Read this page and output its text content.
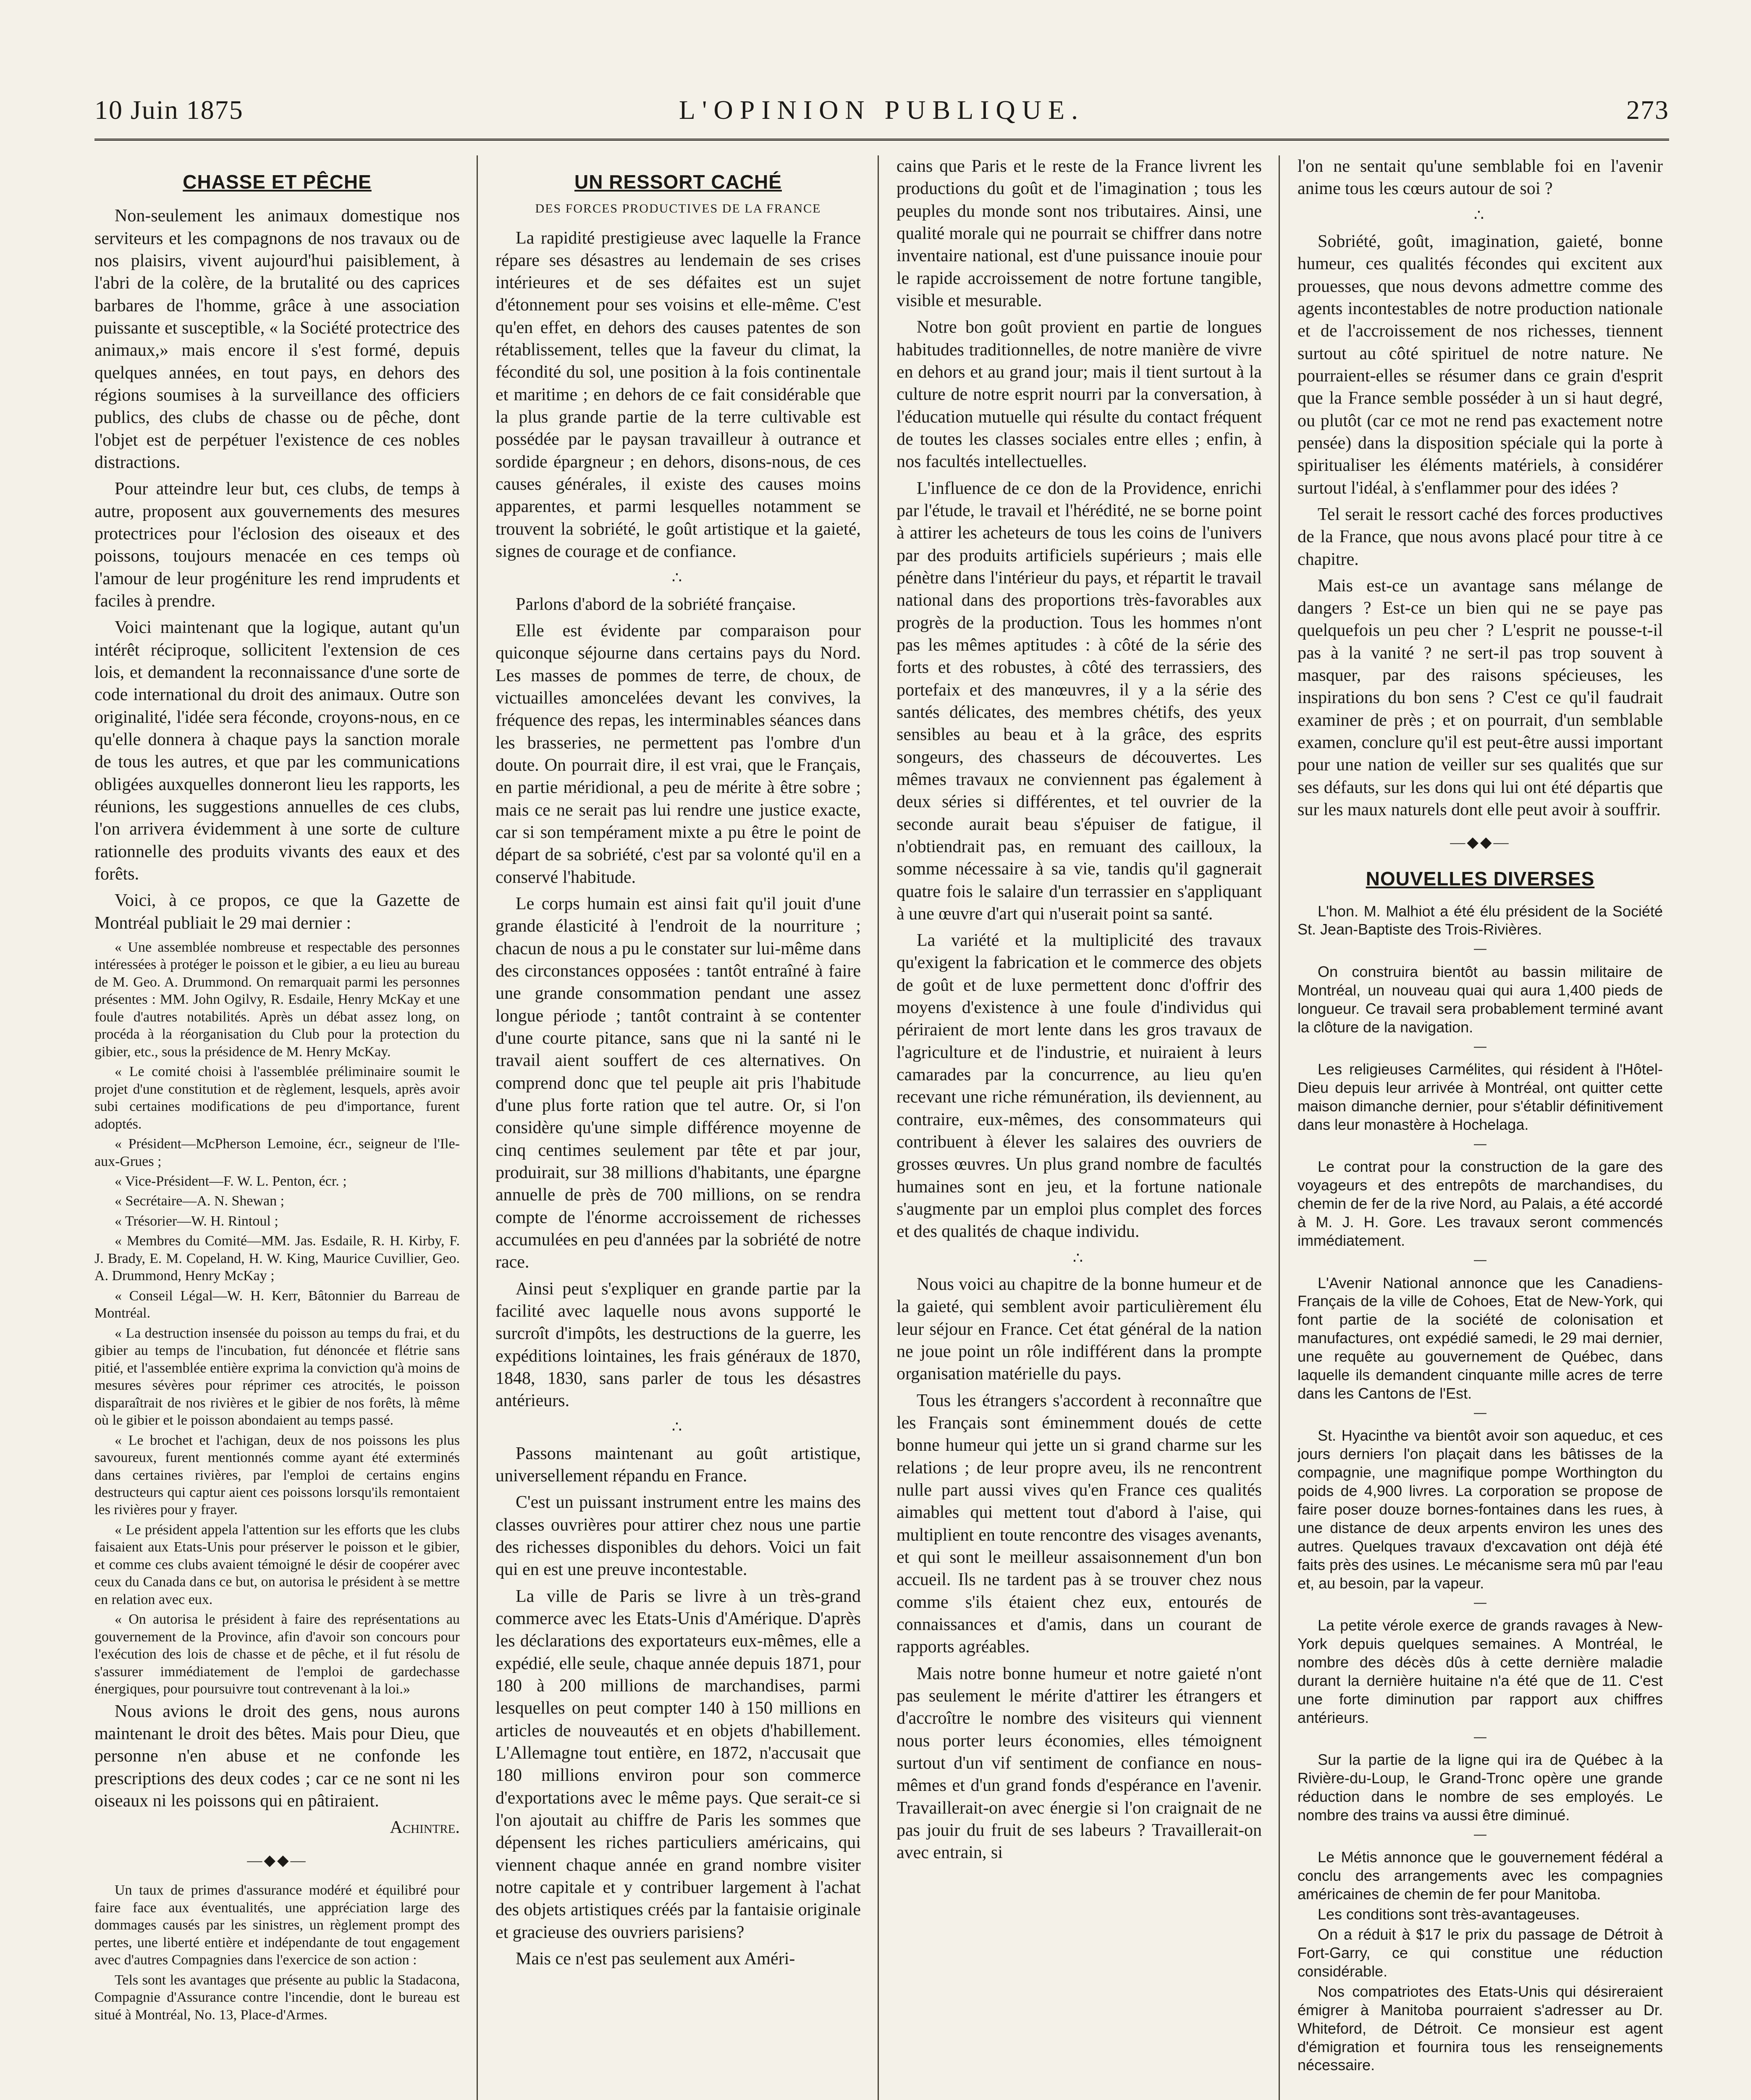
10 Juin 1875	L'OPINION PUBLIQUE.	273
CHASSE ET PÊCHE

Non-seulement les animaux domestique nos serviteurs et les compagnons de nos travaux ou de nos plaisirs, vivent aujourd'hui paisiblement, à l'abri de la colère, de la brutalité ou des caprices barbares de l'homme, grâce à une association puissante et susceptible, « la Société protectrice des animaux,» mais encore il s'est formé, depuis quelques années, en tout pays, en dehors des régions soumises à la surveillance des officiers publics, des clubs de chasse ou de pêche, dont l'objet est de perpétuer l'existence de ces nobles distractions.

Pour atteindre leur but, ces clubs, de temps à autre, proposent aux gouvernements des mesures protectrices pour l'éclosion des oiseaux et des poissons, toujours menacée en ces temps où l'amour de leur progéniture les rend imprudents et faciles à prendre.

Voici maintenant que la logique, autant qu'un intérêt réciproque, sollicitent l'extension de ces lois, et demandent la reconnaissance d'une sorte de code international du droit des animaux. Outre son originalité, l'idée sera féconde, croyons-nous, en ce qu'elle donnera à chaque pays la sanction morale de tous les autres, et que par les communications obligées auxquelles donneront lieu les rapports, les réunions, les suggestions annuelles de ces clubs, l'on arrivera évidemment à une sorte de culture rationnelle des produits vivants des eaux et des forêts.

Voici, à ce propos, ce que la Gazette de Montréal publiait le 29 mai dernier :

« Une assemblée nombreuse et respectable des personnes intéressées à protéger le poisson et le gibier, a eu lieu au bureau de M. Geo. A. Drummond. On remarquait parmi les personnes présentes : MM. John Ogilvy, R. Esdaile, Henry McKay et une foule d'autres notabilités. Après un débat assez long, on procéda à la réorganisation du Club pour la protection du gibier, etc., sous la présidence de M. Henry McKay.

« Le comité choisi à l'assemblée préliminaire soumit le projet d'une constitution et de règlement, lesquels, après avoir subi certaines modifications de peu d'importance, furent adoptés.

« Président—McPherson Lemoine, écr., seigneur de l'Ile-aux-Grues ;

« Vice-Président—F. W. L. Penton, écr. ;

« Secrétaire—A. N. Shewan ;

« Trésorier—W. H. Rintoul ;

« Membres du Comité—MM. Jas. Esdaile, R. H. Kirby, F. J. Brady, E. M. Copeland, H. W. King, Maurice Cuvillier, Geo. A. Drummond, Henry McKay ;

« Conseil Légal—W. H. Kerr, Bâtonnier du Barreau de Montréal.

« La destruction insensée du poisson au temps du frai, et du gibier au temps de l'incubation, fut dénoncée et flétrie sans pitié, et l'assemblée entière exprima la conviction qu'à moins de mesures sévères pour réprimer ces atrocités, le poisson disparaîtrait de nos rivières et le gibier de nos forêts, là même où le gibier et le poisson abondaient au temps passé.

« Le brochet et l'achigan, deux de nos poissons les plus savoureux, furent mentionnés comme ayant été exterminés dans certaines rivières, par l'emploi de certains engins destructeurs qui captur aient ces poissons lorsqu'ils remontaient les rivières pour y frayer.

« Le président appela l'attention sur les efforts que les clubs faisaient aux Etats-Unis pour préserver le poisson et le gibier, et comme ces clubs avaient témoigné le désir de coopérer avec ceux du Canada dans ce but, on autorisa le président à se mettre en relation avec eux.

« On autorisa le président à faire des représentations au gouvernement de la Province, afin d'avoir son concours pour l'exécution des lois de chasse et de pêche, et il fut résolu de s'assurer immédiatement de l'emploi de gardechasse énergiques, pour poursuivre tout contrevenant à la loi.»

Nous avions le droit des gens, nous aurons maintenant le droit des bêtes. Mais pour Dieu, que personne n'en abuse et ne confonde les prescriptions des deux codes ; car ce ne sont ni les oiseaux ni les poissons qui en pâtiraient.

Achintre.

—◆◆—

Un taux de primes d'assurance modéré et équilibré pour faire face aux éventualités, une appréciation large des dommages causés par les sinistres, un règlement prompt des pertes, une liberté entière et indépendante de tout engagement avec d'autres Compagnies dans l'exercice de son action :

Tels sont les avantages que présente au public la Stadacona, Compagnie d'Assurance contre l'incendie, dont le bureau est situé à Montréal, No. 13, Place-d'Armes.

UN RESSORT CACHÉ
DES FORCES PRODUCTIVES DE LA FRANCE

La rapidité prestigieuse avec laquelle la France répare ses désastres au lendemain de ses crises intérieures et de ses défaites est un sujet d'étonnement pour ses voisins et elle-même. C'est qu'en effet, en dehors des causes patentes de son rétablissement, telles que la faveur du climat, la fécondité du sol, une position à la fois continentale et maritime ; en dehors de ce fait considérable que la plus grande partie de la terre cultivable est possédée par le paysan travailleur à outrance et sordide épargneur ; en dehors, disons-nous, de ces causes générales, il existe des causes moins apparentes, et parmi lesquelles notamment se trouvent la sobriété, le goût artistique et la gaieté, signes de courage et de confiance.

∴

Parlons d'abord de la sobriété française.

Elle est évidente par comparaison pour quiconque séjourne dans certains pays du Nord. Les masses de pommes de terre, de choux, de victuailles amoncelées devant les convives, la fréquence des repas, les interminables séances dans les brasseries, ne permettent pas l'ombre d'un doute. On pourrait dire, il est vrai, que le Français, en partie méridional, a peu de mérite à être sobre ; mais ce ne serait pas lui rendre une justice exacte, car si son tempérament mixte a pu être le point de départ de sa sobriété, c'est par sa volonté qu'il en a conservé l'habitude.

Le corps humain est ainsi fait qu'il jouit d'une grande élasticité à l'endroit de la nourriture ; chacun de nous a pu le constater sur lui-même dans des circonstances opposées : tantôt entraîné à faire une grande consommation pendant une assez longue période ; tantôt contraint à se contenter d'une courte pitance, sans que ni la santé ni le travail aient souffert de ces alternatives. On comprend donc que tel peuple ait pris l'habitude d'une plus forte ration que tel autre. Or, si l'on considère qu'une simple différence moyenne de cinq centimes seulement par tête et par jour, produirait, sur 38 millions d'habitants, une épargne annuelle de près de 700 millions, on se rendra compte de l'énorme accroissement de richesses accumulées en peu d'années par la sobriété de notre race.

Ainsi peut s'expliquer en grande partie par la facilité avec laquelle nous avons supporté le surcroît d'impôts, les destructions de la guerre, les expéditions lointaines, les frais généraux de 1870, 1848, 1830, sans parler de tous les désastres antérieurs.

∴

Passons maintenant au goût artistique, universellement répandu en France.

C'est un puissant instrument entre les mains des classes ouvrières pour attirer chez nous une partie des richesses disponibles du dehors. Voici un fait qui en est une preuve incontestable.

La ville de Paris se livre à un très-grand commerce avec les Etats-Unis d'Amérique. D'après les déclarations des exportateurs eux-mêmes, elle a expédié, elle seule, chaque année depuis 1871, pour 180 à 200 millions de marchandises, parmi lesquelles on peut compter 140 à 150 millions en articles de nouveautés et en objets d'habillement. L'Allemagne tout entière, en 1872, n'accusait que 180 millions environ pour son commerce d'exportations avec le même pays. Que serait-ce si l'on ajoutait au chiffre de Paris les sommes que dépensent les riches particuliers américains, qui viennent chaque année en grand nombre visiter notre capitale et y contribuer largement à l'achat des objets artistiques créés par la fantaisie originale et gracieuse des ouvriers parisiens?

Mais ce n'est pas seulement aux Améri-

cains que Paris et le reste de la France livrent les productions du goût et de l'imagination ; tous les peuples du monde sont nos tributaires. Ainsi, une qualité morale qui ne pourrait se chiffrer dans notre inventaire national, est d'une puissance inouie pour le rapide accroissement de notre fortune tangible, visible et mesurable.

Notre bon goût provient en partie de longues habitudes traditionnelles, de notre manière de vivre en dehors et au grand jour; mais il tient surtout à la culture de notre esprit nourri par la conversation, à l'éducation mutuelle qui résulte du contact fréquent de toutes les classes sociales entre elles ; enfin, à nos facultés intellectuelles.

L'influence de ce don de la Providence, enrichi par l'étude, le travail et l'hérédité, ne se borne point à attirer les acheteurs de tous les coins de l'univers par des produits artificiels supérieurs ; mais elle pénètre dans l'intérieur du pays, et répartit le travail national dans des proportions très-favorables aux progrès de la production. Tous les hommes n'ont pas les mêmes aptitudes : à côté de la série des forts et des robustes, à côté des terrassiers, des portefaix et des manœuvres, il y a la série des santés délicates, des membres chétifs, des yeux sensibles au beau et à la grâce, des esprits songeurs, des chasseurs de découvertes. Les mêmes travaux ne conviennent pas également à deux séries si différentes, et tel ouvrier de la seconde aurait beau s'épuiser de fatigue, il n'obtiendrait pas, en remuant des cailloux, la somme nécessaire à sa vie, tandis qu'il gagnerait quatre fois le salaire d'un terrassier en s'appliquant à une œuvre d'art qui n'userait point sa santé.

La variété et la multiplicité des travaux qu'exigent la fabrication et le commerce des objets de goût et de luxe permettent donc d'offrir des moyens d'existence à une foule d'individus qui périraient de mort lente dans les gros travaux de l'agriculture et de l'industrie, et nuiraient à leurs camarades par la concurrence, au lieu qu'en recevant une riche rémunération, ils deviennent, au contraire, eux-mêmes, des consommateurs qui contribuent à élever les salaires des ouvriers de grosses œuvres. Un plus grand nombre de facultés humaines sont en jeu, et la fortune nationale s'augmente par un emploi plus complet des forces et des qualités de chaque individu.

∴

Nous voici au chapitre de la bonne humeur et de la gaieté, qui semblent avoir particulièrement élu leur séjour en France. Cet état général de la nation ne joue point un rôle indifférent dans la prompte organisation matérielle du pays.

Tous les étrangers s'accordent à reconnaître que les Français sont éminemment doués de cette bonne humeur qui jette un si grand charme sur les relations ; de leur propre aveu, ils ne rencontrent nulle part aussi vives qu'en France ces qualités aimables qui mettent tout d'abord à l'aise, qui multiplient en toute rencontre des visages avenants, et qui sont le meilleur assaisonnement d'un bon accueil. Ils ne tardent pas à se trouver chez nous comme s'ils étaient chez eux, entourés de connaissances et d'amis, dans un courant de rapports agréables.

Mais notre bonne humeur et notre gaieté n'ont pas seulement le mérite d'attirer les étrangers et d'accroître le nombre des visiteurs qui viennent nous porter leurs économies, elles témoignent surtout d'un vif sentiment de confiance en nous-mêmes et d'un grand fonds d'espérance en l'avenir. Travaillerait-on avec énergie si l'on craignait de ne pas jouir du fruit de ses labeurs ? Travaillerait-on avec entrain, si

l'on ne sentait qu'une semblable foi en l'avenir anime tous les cœurs autour de soi ?

∴

Sobriété, goût, imagination, gaieté, bonne humeur, ces qualités fécondes qui excitent aux prouesses, que nous devons admettre comme des agents incontestables de notre production nationale et de l'accroissement de nos richesses, tiennent surtout au côté spirituel de notre nature. Ne pourraient-elles se résumer dans ce grain d'esprit que la France semble posséder à un si haut degré, ou plutôt (car ce mot ne rend pas exactement notre pensée) dans la disposition spéciale qui la porte à spiritualiser les éléments matériels, à considérer surtout l'idéal, à s'enflammer pour des idées ?

Tel serait le ressort caché des forces productives de la France, que nous avons placé pour titre à ce chapitre.

Mais est-ce un avantage sans mélange de dangers ? Est-ce un bien qui ne se paye pas quelquefois un peu cher ? L'esprit ne pousse-t-il pas à la vanité ? ne sert-il pas trop souvent à masquer, par des raisons spécieuses, les inspirations du bon sens ? C'est ce qu'il faudrait examiner de près ; et on pourrait, d'un semblable examen, conclure qu'il est peut-être aussi important pour une nation de veiller sur ses qualités que sur ses défauts, sur les dons qui lui ont été départis que sur les maux naturels dont elle peut avoir à souffrir.

—◆◆—
NOUVELLES DIVERSES

L'hon. M. Malhiot a été élu président de la Société St. Jean-Baptiste des Trois-Rivières.

—

On construira bientôt au bassin militaire de Montréal, un nouveau quai qui aura 1,400 pieds de longueur. Ce travail sera probablement terminé avant la clôture de la navigation.

—

Les religieuses Carmélites, qui résident à l'Hôtel-Dieu depuis leur arrivée à Montréal, ont quitter cette maison dimanche dernier, pour s'établir définitivement dans leur monastère à Hochelaga.

—

Le contrat pour la construction de la gare des voyageurs et des entrepôts de marchandises, du chemin de fer de la rive Nord, au Palais, a été accordé à M. J. H. Gore. Les travaux seront commencés immédiatement.

—

L'Avenir National annonce que les Canadiens-Français de la ville de Cohoes, Etat de New-York, qui font partie de la société de colonisation et manufactures, ont expédié samedi, le 29 mai dernier, une requête au gouvernement de Québec, dans laquelle ils demandent cinquante mille acres de terre dans les Cantons de l'Est.

—

St. Hyacinthe va bientôt avoir son aqueduc, et ces jours derniers l'on plaçait dans les bâtisses de la compagnie, une magnifique pompe Worthington du poids de 4,900 livres. La corporation se propose de faire poser douze bornes-fontaines dans les rues, à une distance de deux arpents environ les unes des autres. Quelques travaux d'excavation ont déjà été faits près des usines. Le mécanisme sera mû par l'eau et, au besoin, par la vapeur.

—

La petite vérole exerce de grands ravages à New-York depuis quelques semaines. A Montréal, le nombre des décès dûs à cette dernière maladie durant la dernière huitaine n'a été que de 11. C'est une forte diminution par rapport aux chiffres antérieurs.

—

Sur la partie de la ligne qui ira de Québec à la Rivière-du-Loup, le Grand-Tronc opère une grande réduction dans le nombre de ses employés. Le nombre des trains va aussi être diminué.

—

Le Métis annonce que le gouvernement fédéral a conclu des arrangements avec les compagnies américaines de chemin de fer pour Manitoba.

Les conditions sont très-avantageuses.

On a réduit à $17 le prix du passage de Détroit à Fort-Garry, ce qui constitue une réduction considérable.

Nos compatriotes des Etats-Unis qui désireraient émigrer à Manitoba pourraient s'adresser au Dr. Whiteford, de Détroit. Ce monsieur est agent d'émigration et fournira tous les renseignements nécessaire.
